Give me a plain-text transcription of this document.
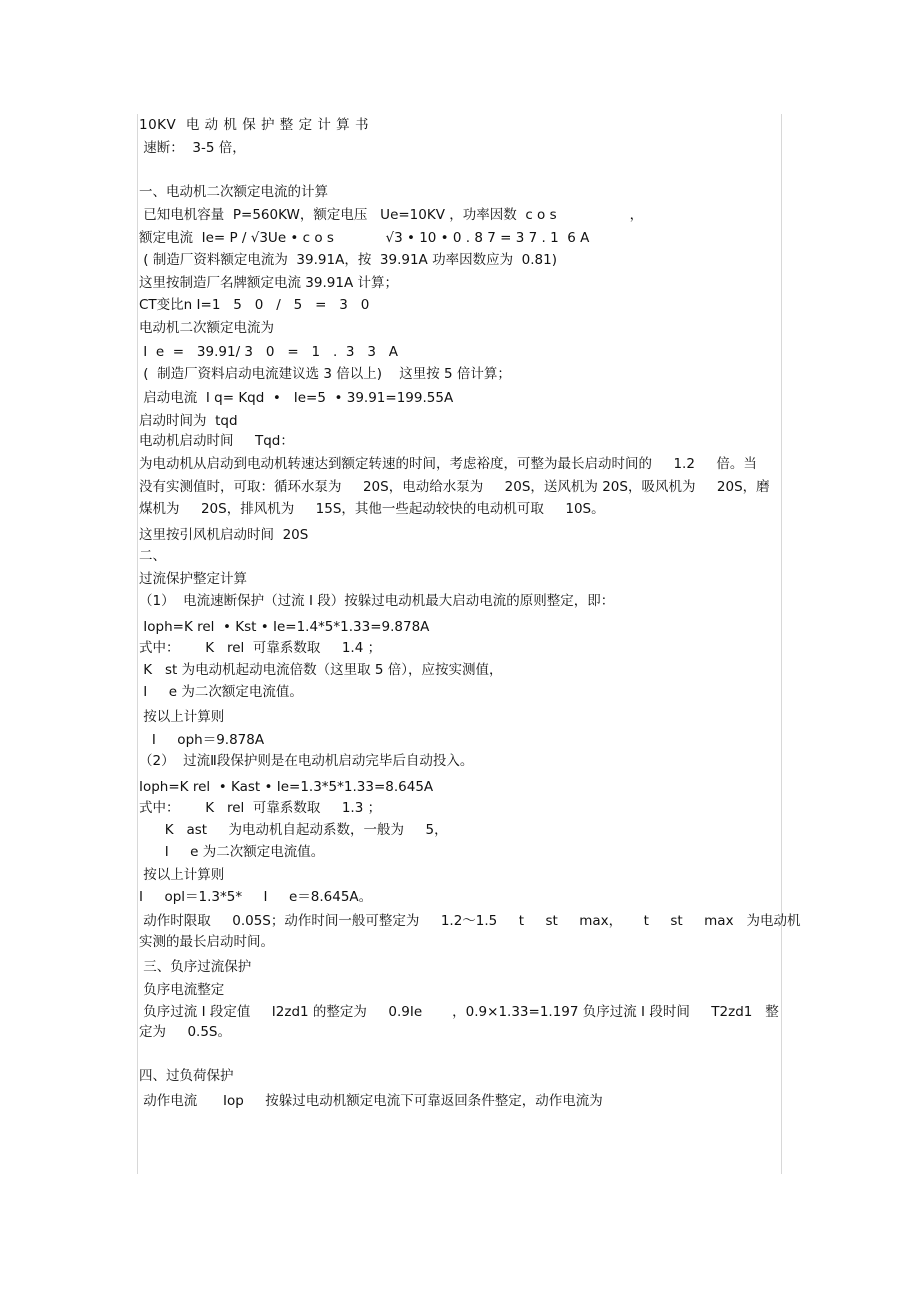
10KV  电 动 机 保 护 整 定 计 算 书
速断：  3-5 倍，
一、电动机二次额定电流的计算
已知电机容量  P=560KW，额定电压   Ue=10KV ，功率因数  c o s                 ，
额定电流  Ie= P / √3Ue • c o s            √3 • 10 • 0 . 8 7 = 3 7 . 1  6 A
( 制造厂资料额定电流为  39.91A，按  39.91A 功率因数应为  0.81)
这里按制造厂名牌额定电流 39.91A 计算；
CT变比n I=1   5   0   /   5   =   3   0
电动机二次额定电流为
I  e  =   39.91/ 3   0   =   1   .  3   3   A
(  制造厂资料启动电流建议选 3 倍以上)    这里按 5 倍计算；
启动电流  I q= Kqd  •   Ie=5  • 39.91=199.55A
启动时间为  tqd
电动机启动时间     Tqd：
为电动机从启动到电动机转速达到额定转速的时间，考虑裕度，可整为最长启动时间的     1.2     倍。当
没有实测值时，可取：循环水泵为     20S，电动给水泵为     20S，送风机为 20S，吸风机为     20S，磨
煤机为     20S，排风机为     15S，其他一些起动较快的电动机可取     10S。
这里按引风机启动时间  20S
二、
过流保护整定计算
（1）  电流速断保护（过流 I 段）按躲过电动机最大启动电流的原则整定，即：
Ioph=K rel  • Kst • Ie=1.4*5*1.33=9.878A
式中：      K   rel  可靠系数取     1.4 ；
K   st 为电动机起动电流倍数（这里取 5 倍），应按实测值，
I     e 为二次额定电流值。
按以上计算则
I     oph＝9.878A
（2）  过流Ⅱ段保护则是在电动机启动完毕后自动投入。
Ioph=K rel  • Kast • Ie=1.3*5*1.33=8.645A
式中：      K   rel  可靠系数取     1.3 ；
K   ast     为电动机自起动系数，一般为     5，
I     e 为二次额定电流值。
按以上计算则
I     opl＝1.3*5*     I     e＝8.645A。
动作时限取     0.05S；动作时间一般可整定为     1.2～1.5     t     st     max，     t     st     max   为电动机
实测的最长启动时间。
三、负序过流保护
负序电流整定
负序过流 I 段定值     I2zd1 的整定为     0.9Ie       ，0.9×1.33=1.197 负序过流 I 段时间     T2zd1   整
定为     0.5S。
四、过负荷保护
动作电流      Iop     按躲过电动机额定电流下可靠返回条件整定，动作电流为
